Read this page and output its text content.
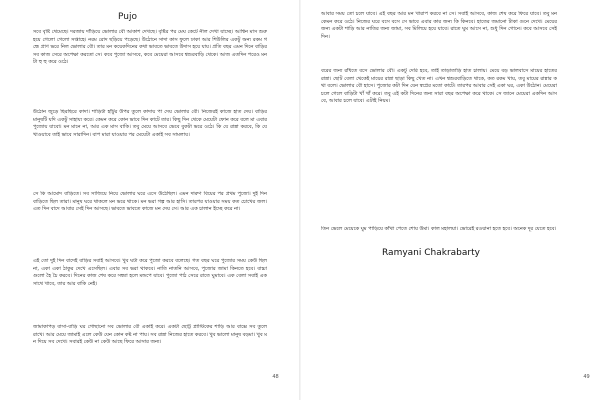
Pujo

সবে বৃষ্টি থেমেছে। দরজায় দাঁড়িয়ে ভোলার বৌ আকাশ দেখছে। বৃষ্টির পর মেঘ কেটে নীল দেখা যাচ্ছে। আশ্বিন মাস শুরু হয়ে গেলো গেলো সপ্তাহে। নরম রোদ ছড়িয়ে পড়েছে। উঠোনে সাদা কাস ফুলে ঢাকা আর শিউলির একটু অন্য রকম গন্ধে প্রাণ ভরে নিল ভোলার বৌ। তার মন কয়েকদিনের কথা ভাবতে ভাবতে উদাস হয়ে যায়। প্রতি বছর এমন দিনে বাড়ির সব কাজ সেরে অপেক্ষা করতো সে। কবে পুজো আসবে, কবে মেয়েরা আসবে শ্বশুরবাড়ি থেকে। আজ এতদিন পরেও মনটা হু হু করে ওঠে।

উঠোন জুড়ে ছিরছিরে কাদা। শাড়িটা হাঁটুর উপর তুলে কাদায় পা দেয় ভোলার বৌ। নিজেরই কাজে হাত দেয়। বাড়ির মানুষটি যদি একটু সাহায্য করে। কেমন করে কোন ভাবে দিন কাটে তার। কিছু দিন থেকে মেয়েটা ফোন করে বলে মা এবার পুজোয় যাবো। মন মানে না, আর এক মাস বাকি। তবু মেয়ে আসবে ভেবে বুকটা ভরে ওঠে। কি যে রান্না করবে, কি যে খাওয়াবে তাই ভাবে সারাদিন। বাপ মারা যাওয়ার পর মেয়েটা একাই সব সামলায়।

সে কি আমোদ বাড়িতে। সব সাজিয়ে নিয়ে ভোলার ঘরে এসে উঠেছিল। এমন দারুণ বিয়ের পর প্রথম পুজো। দুই দিন বাড়িতে ছিল তারা। মানুষ ঘরে থাকলে মন ভরে থাকে। মন ভরা গল্প আর হাসি। তারপর যাওয়ার সময় কত চোখের জল। এত দিন বাদে আবার সেই দিন আসছে। ভাবতে ভাবতে কাজে মন দেয় সে। আর এক চালান ইচ্ছে করে না।

এই তো দুই দিন বাদেই বাড়ির সবাই আসবে। খুব ঘটা করে পুজো করবে বলেছে। গত বছর ঘরে পুজোর সময় কেউ ছিল না, একা একা ঠাকুর দেখে এসেছিল। এবার সব ভরা থাকবে। নাতি নাতনি আসবে, পুজোর জামা কিনতে হবে। বাচ্চা গুলো হৈ চৈ করবে। দিনের কাজ শেষ করে সন্ধ্যা হলে মন্ডপে যাবে। পুজো পাঠ সেরে রাতে ঘুমাবে। এক বেলা সবাই একসাথে খাবে, তার আর বাকি নেই।

জামাকাপড় বাসা-বাড়ি ঘর গোছানো সব ভোলার বৌ একাই করে। একটা ছোট্ট প্লাস্টিকের শাড়ি আর বাক্সে সব তুলে রাখে। আর মেয়ে জামাই এলে কেউ যেন কোন কষ্ট না পায়। সব রান্না নিজের হাতে করবে। খুব ভালো মানুষ বড়মা। খুব মন দিয়ে সব দেখে। সবারই কেউ না কেউ আছে ফিরে আসার জন্য।

48

আবার সময় তো চলে যাবে। এই বছর আর মন খারাপ করবে না সে। সবাই আসবে, কাজ শেষ করে ফিরে যাবে। তবু মন কেমন করে ওঠে। নিজের ঘরে বসে বসে সে ভাবে এবার কার জন্য কি কিনবে। হাতের জমানো টাকা গুনে দেখে। মেয়ের জন্য একটা শাড়ি আর নাতির জন্য জামা, সব মিলিয়ে হয়ে যাবে। রাতে ঘুম আসে না, শুধু দিন গোনে। কবে আসবে সেই দিন।

বরের জন্য রাঁধতে বসে ভোলার বৌ। একটু দেরি হবে, তাই তাড়াতাড়ি হাত চালায়। মেয়ে বড় ভালবাসে মায়ের হাতের রান্না। ছোট বেলা থেকেই মায়ের রান্না ছাড়া কিছু খেত না। এখন শ্বশুরবাড়িতে থাকে, কত রকম খায়, তবু মায়ের রান্নার কথা বলে। ভোলার বৌ হাসে। পুজোর কটা দিন যেন স্বপ্নের মতো কাটে। তারপর আবার সেই একা ঘর, একা উঠোন। মেয়েরা চলে গেলে বাড়িটা খাঁ খাঁ করে। তবু এই কটা দিনের জন্য সারা বছর অপেক্ষা করে থাকে। সে জানে মেয়েরা একদিন আসবে, আবার চলে যাবে। এটাই নিয়ম।

তিন ভেলে মেয়েকে ঘুম পাড়িয়ে কাঁথা পেতে শোয় উমা। কাল মহালয়া। ভোরেই রওয়ানা হতে হবে। অনেক দূর যেতে হবে।

49
Ramyani Chakrabarty
